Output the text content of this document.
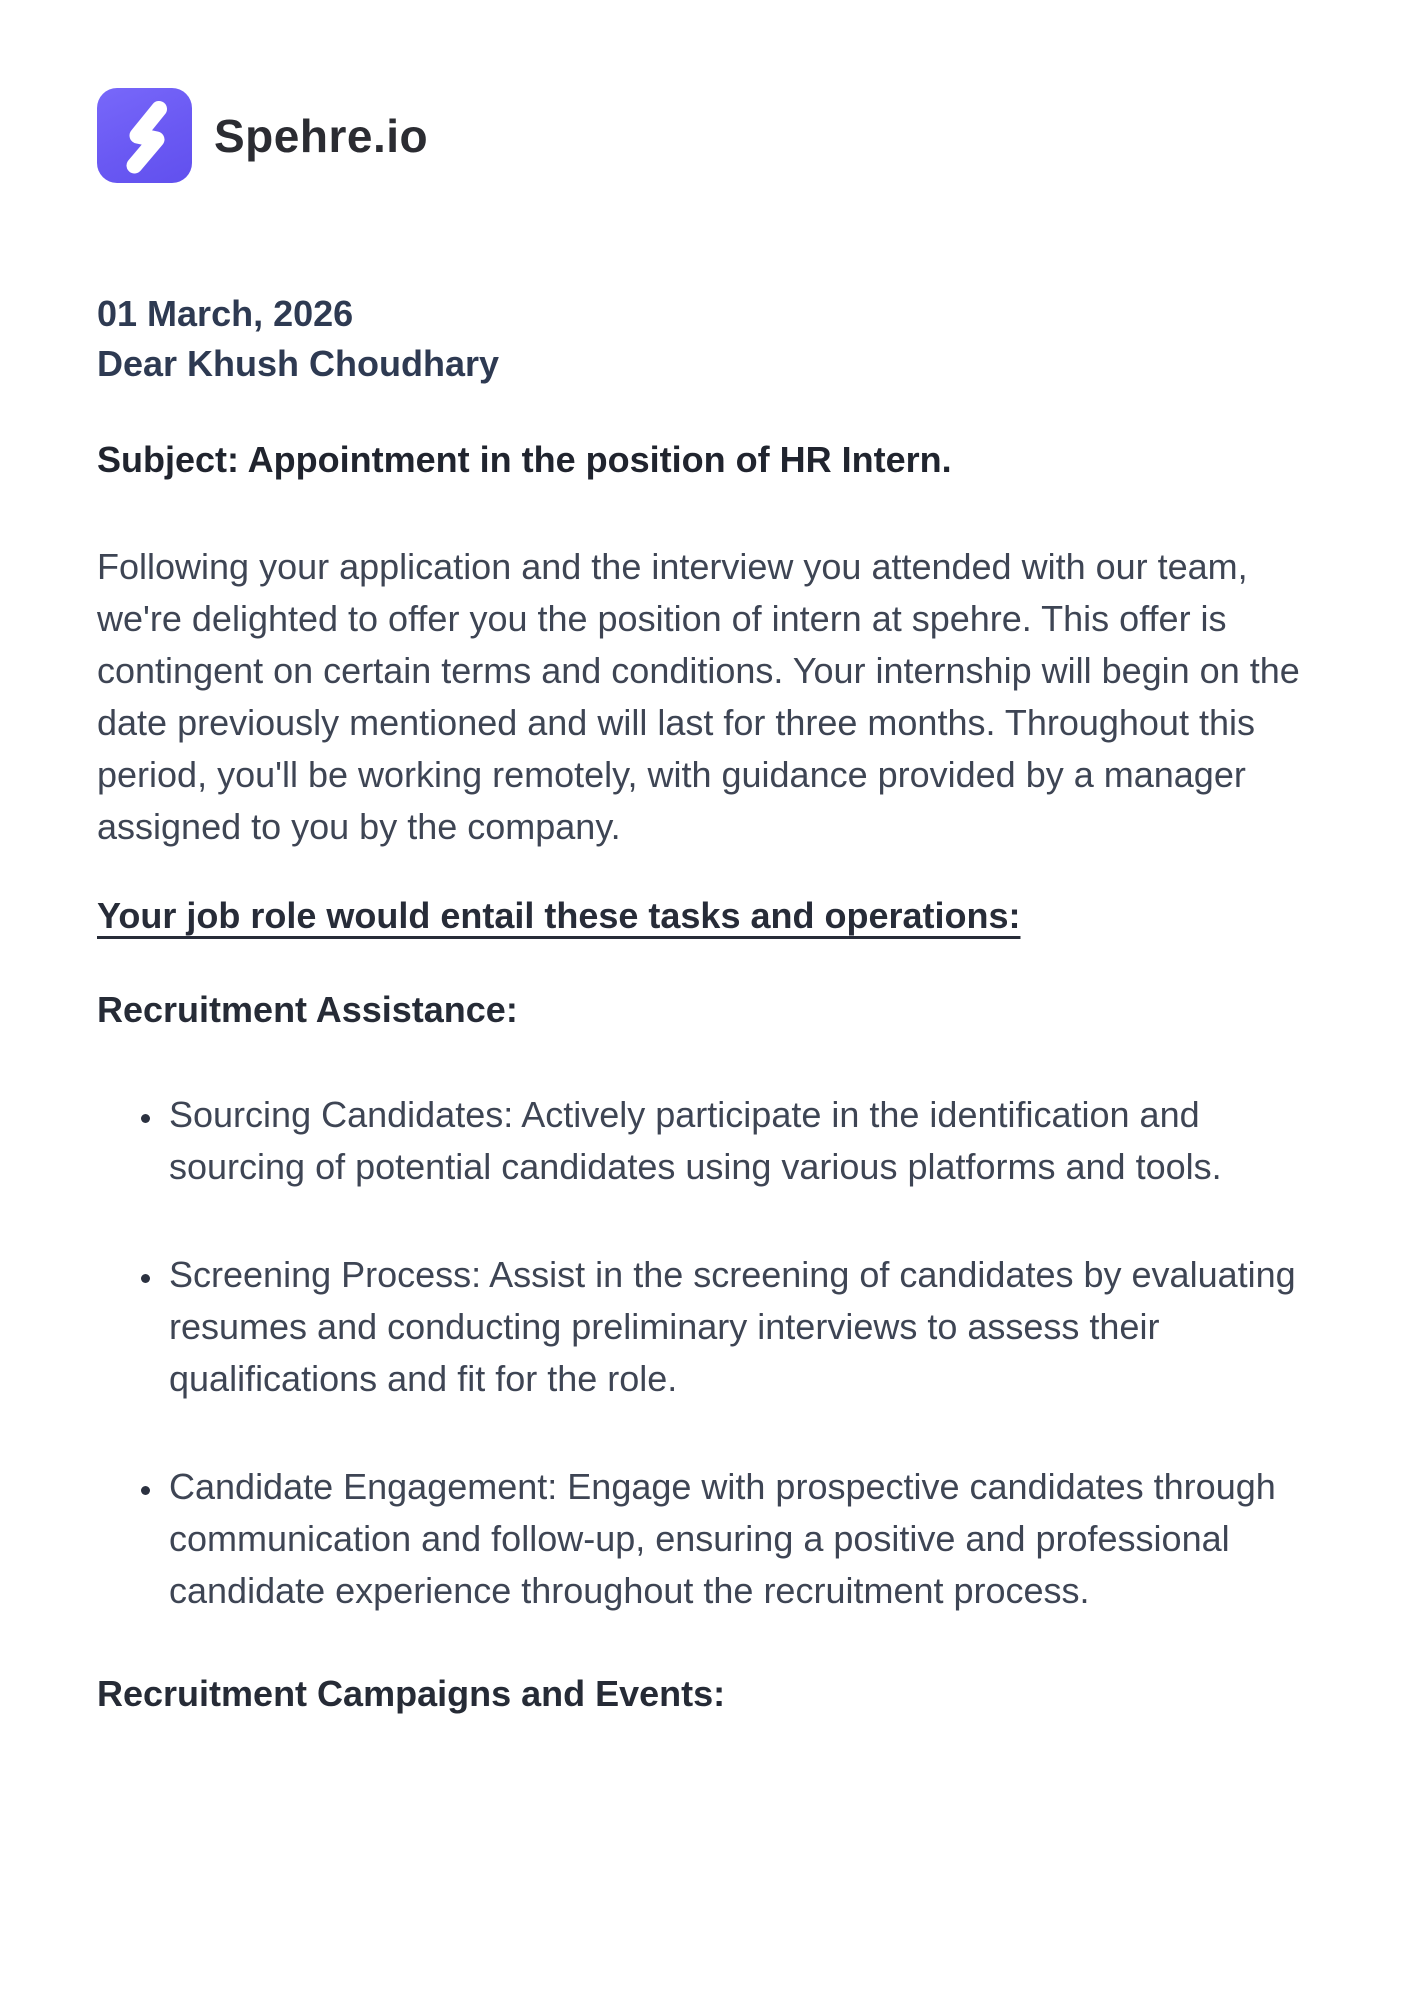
Spehre.io
01 March, 2026
Dear Khush Choudhary
Subject: Appointment in the position of HR Intern.

Following your application and the interview you attended with our team, we're delighted to offer you the position of intern at spehre. This offer is contingent on certain terms and conditions. Your internship will begin on the date previously mentioned and will last for three months. Throughout this period, you'll be working remotely, with guidance provided by a manager assigned to you by the company.

Your job role would entail these tasks and operations:
Recruitment Assistance:
• Sourcing Candidates: Actively participate in the identification and sourcing of potential candidates using various platforms and tools.
• Screening Process: Assist in the screening of candidates by evaluating resumes and conducting preliminary interviews to assess their qualifications and fit for the role.
• Candidate Engagement: Engage with prospective candidates through communication and follow-up, ensuring a positive and professional candidate experience throughout the recruitment process.
Recruitment Campaigns and Events:
